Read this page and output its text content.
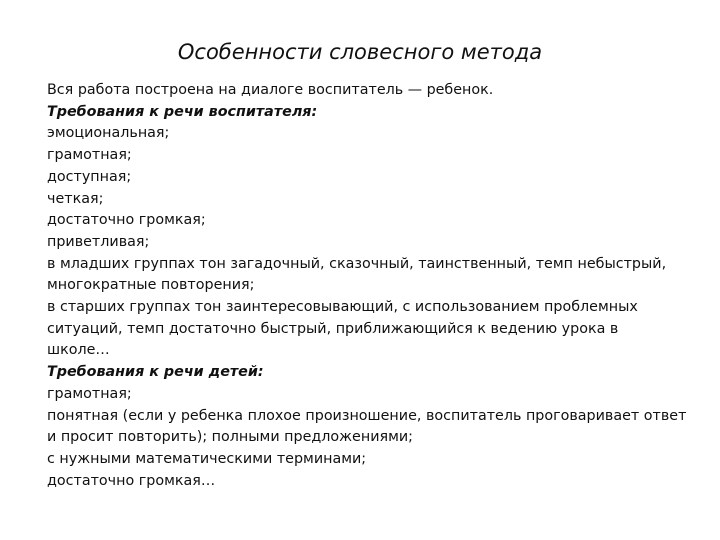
Особенности словесного метода
Вся работа построена на диалоге воспитатель — ребенок.
Требования к речи воспитателя:
эмоциональная;
грамотная;
доступная;
четкая;
достаточно громкая;
приветливая;
в младших группах тон загадочный, сказочный, таинственный, темп небыстрый,
многократные повторения;
в старших группах тон заинтересовывающий, с использованием проблемных
ситуаций, темп достаточно быстрый, приближающийся к ведению урока в
школе…
Требования к речи детей:
грамотная;
понятная (если у ребенка плохое произношение, воспитатель проговаривает ответ
и просит повторить); полными предложениями;
с нужными математическими терминами;
достаточно громкая…
